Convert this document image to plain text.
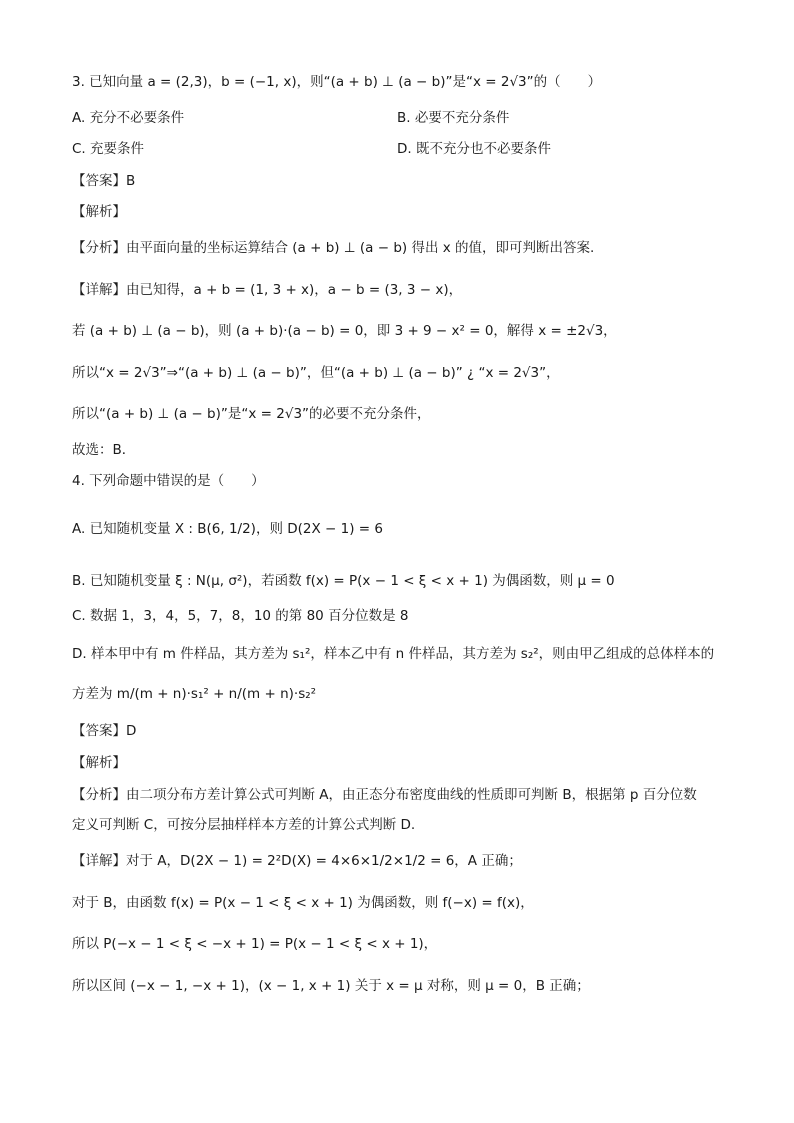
3. 已知向量 a = (2,3)，b = (−1, x)，则“(a + b) ⊥ (a − b)”是“x = 2√3”的（　　）
A. 充分不必要条件	B. 必要不充分条件
C. 充要条件	D. 既不充分也不必要条件
【答案】B
【解析】
【分析】由平面向量的坐标运算结合 (a + b) ⊥ (a − b) 得出 x 的值，即可判断出答案.
【详解】由已知得，a + b = (1, 3 + x)，a − b = (3, 3 − x)，
若 (a + b) ⊥ (a − b)，则 (a + b)·(a − b) = 0，即 3 + 9 − x² = 0，解得 x = ±2√3，
所以“x = 2√3”⇒“(a + b) ⊥ (a − b)”，但“(a + b) ⊥ (a − b)” ¿ “x = 2√3”，
所以“(a + b) ⊥ (a − b)”是“x = 2√3”的必要不充分条件，
故选：B．
4. 下列命题中错误的是（　　）
A. 已知随机变量 X : B(6, 1/2)，则 D(2X − 1) = 6
B. 已知随机变量 ξ : N(μ, σ²)，若函数 f(x) = P(x − 1 < ξ < x + 1) 为偶函数，则 μ = 0
C. 数据 1，3，4，5，7，8，10 的第 80 百分位数是 8
D. 样本甲中有 m 件样品，其方差为 s₁²，样本乙中有 n 件样品，其方差为 s₂²，则由甲乙组成的总体样本的
方差为 m/(m + n)·s₁² + n/(m + n)·s₂²
【答案】D
【解析】
【分析】由二项分布方差计算公式可判断 A，由正态分布密度曲线的性质即可判断 B，根据第 p 百分位数
定义可判断 C，可按分层抽样样本方差的计算公式判断 D.
【详解】对于 A，D(2X − 1) = 2²D(X) = 4×6×1/2×1/2 = 6，A 正确；
对于 B，由函数 f(x) = P(x − 1 < ξ < x + 1) 为偶函数，则 f(−x) = f(x)，
所以 P(−x − 1 < ξ < −x + 1) = P(x − 1 < ξ < x + 1)，
所以区间 (−x − 1, −x + 1)，(x − 1, x + 1) 关于 x = μ 对称，则 μ = 0，B 正确；
